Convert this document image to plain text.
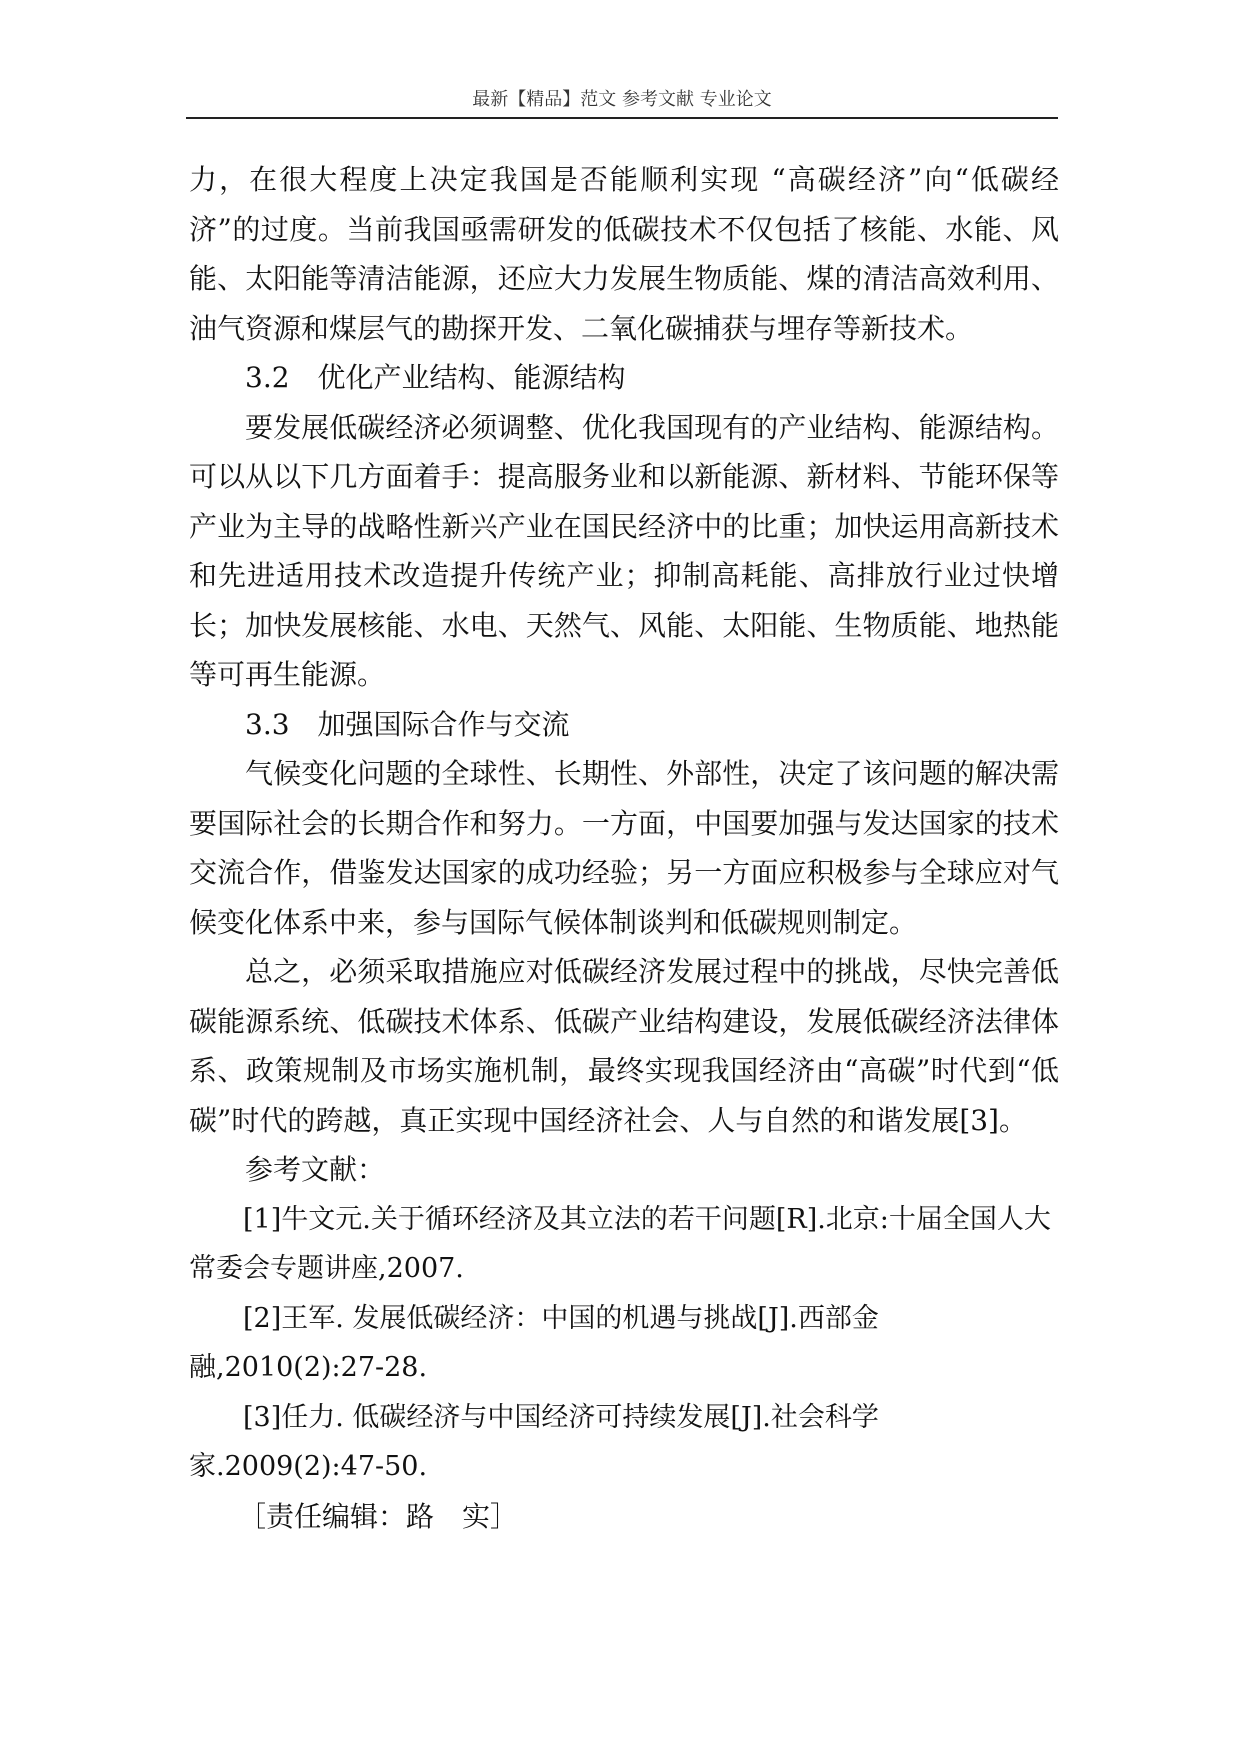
最新【精品】范文 参考文献 专业论文

力，在很大程度上决定我国是否能顺利实现 “高碳经济”向“低碳经济”的过度。当前我国亟需研发的低碳技术不仅包括了核能、水能、风能、太阳能等清洁能源，还应大力发展生物质能、煤的清洁高效利用、油气资源和煤层气的勘探开发、二氧化碳捕获与埋存等新技术。

3.2　优化产业结构、能源结构

要发展低碳经济必须调整、优化我国现有的产业结构、能源结构。可以从以下几方面着手：提高服务业和以新能源、新材料、节能环保等产业为主导的战略性新兴产业在国民经济中的比重；加快运用高新技术和先进适用技术改造提升传统产业；抑制高耗能、高排放行业过快增长；加快发展核能、水电、天然气、风能、太阳能、生物质能、地热能等可再生能源。

3.3　加强国际合作与交流

气候变化问题的全球性、长期性、外部性，决定了该问题的解决需要国际社会的长期合作和努力。一方面，中国要加强与发达国家的技术交流合作，借鉴发达国家的成功经验；另一方面应积极参与全球应对气候变化体系中来，参与国际气候体制谈判和低碳规则制定。

总之，必须采取措施应对低碳经济发展过程中的挑战，尽快完善低碳能源系统、低碳技术体系、低碳产业结构建设，发展低碳经济法律体系、政策规制及市场实施机制，最终实现我国经济由“高碳”时代到“低碳”时代的跨越，真正实现中国经济社会、人与自然的和谐发展[3]。

参考文献：

[1]牛文元.关于循环经济及其立法的若干问题[R].北京:十届全国人大常委会专题讲座,2007.

[2]王军. 发展低碳经济：中国的机遇与挑战[J].西部金融,2010(2):27-28.

[3]任力. 低碳经济与中国经济可持续发展[J].社会科学家.2009(2):47-50.

［责任编辑：路　实］
